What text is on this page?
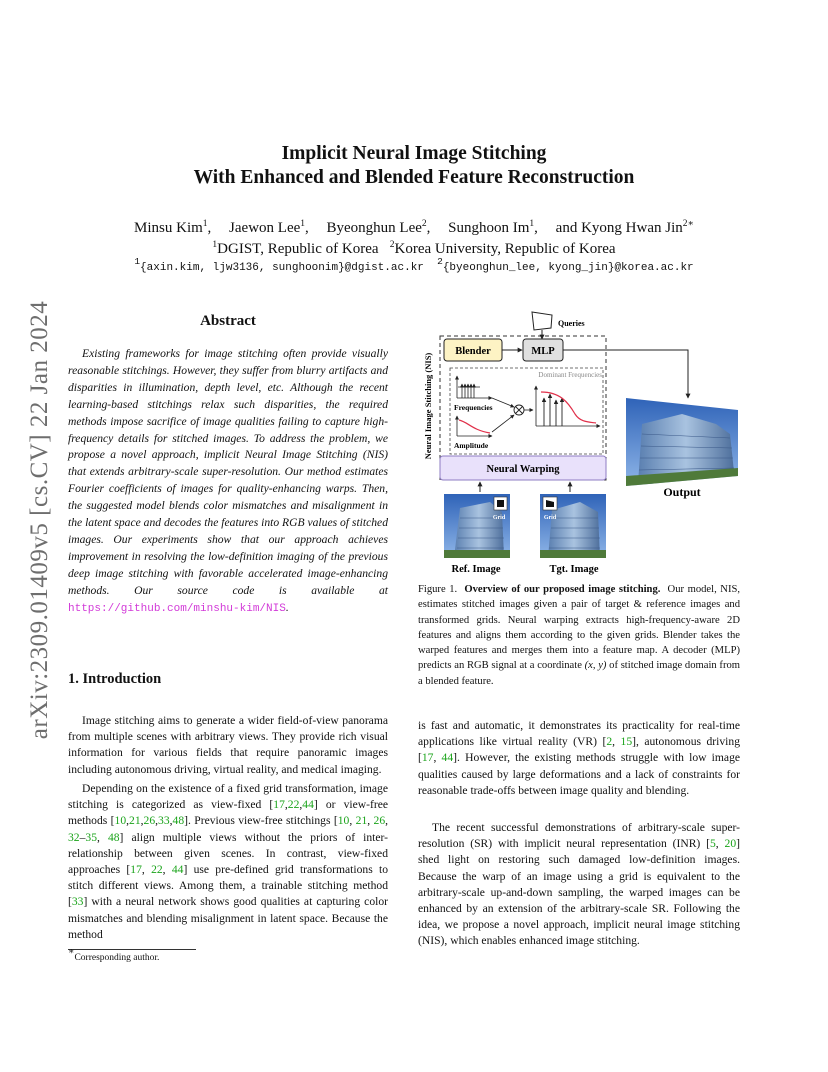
arXiv:2309.01409v5 [cs.CV] 22 Jan 2024
Implicit Neural Image Stitching
With Enhanced and Blended Feature Reconstruction
Minsu Kim$^1$, Jaewon Lee$^1$, Byeonghun Lee$^2$, Sunghoon Im$^1$, and Kyong Hwan Jin$^{2∗}$
$^1$DGIST, Republic of Korea $^2$Korea University, Republic of Korea
$^1${axin.kim, ljw3136, sunghoonim}@dgist.ac.kr  $^2${byeonghun_lee, kyong_jin}@korea.ac.kr
Abstract
Existing frameworks for image stitching often provide visually reasonable stitchings. However, they suffer from blurry artifacts and disparities in illumination, depth level, etc. Although the recent learning-based stitchings relax such disparities, the required methods impose sacrifice of image qualities failing to capture high-frequency details for stitched images. To address the problem, we propose a novel approach, implicit Neural Image Stitching (NIS) that extends arbitrary-scale super-resolution. Our method estimates Fourier coefficients of images for quality-enhancing warps. Then, the suggested model blends color mismatches and misalignment in the latent space and decodes the features into RGB values of stitched images. Our experiments show that our approach achieves improvement in resolving the low-definition imaging of the previous deep image stitching with favorable accelerated image-enhancing methods. Our source code is available at https://github.com/minshu-kim/NIS.
1. Introduction
Image stitching aims to generate a wider field-of-view panorama from multiple scenes with arbitrary views. They provide rich visual information for various fields that require panoramic images including autonomous driving, virtual reality, and medical imaging.
Depending on the existence of a fixed grid transformation, image stitching is categorized as view-fixed [17,22,44] or view-free methods [10,21,26,33,48]. Previous view-free stitchings [10, 21, 26, 32–35, 48] align multiple views without the priors of inter-relationship between given scenes. In contrast, view-fixed approaches [17, 22, 44] use pre-defined grid transformations to stitch different views. Among them, a trainable stitching method [33] with a neural network shows good qualities at capturing color mismatches and blending misalignment in latent space. Because the method
∗Corresponding author.
Neural Image Stitching (NIS)
Queries
Blender	MLP
Dominant Frequencies
Frequencies
Amplitude
Neural Warping
Grid
Ref. Image
Grid
Tgt. Image
Output
Figure 1. Overview of our proposed image stitching. Our model, NIS, estimates stitched images given a pair of target & reference images and transformed grids. Neural warping extracts high-frequency-aware 2D features and aligns them according to the given grids. Blender takes the warped features and merges them into a feature map. A decoder (MLP) predicts an RGB signal at a coordinate (x, y) of stitched image domain from a blended feature.
is fast and automatic, it demonstrates its practicality for real-time applications like virtual reality (VR) [2, 15], autonomous driving [17, 44]. However, the existing methods struggle with low image qualities caused by large deformations and a lack of constraints for reasonable trade-offs between image quality and blending.
The recent successful demonstrations of arbitrary-scale super-resolution (SR) with implicit neural representation (INR) [5, 20] shed light on restoring such damaged low-definition images. Because the warp of an image using a grid is equivalent to the arbitrary-scale up-and-down sampling, the warped images can be enhanced by an extension of the arbitrary-scale SR. Following the idea, we propose a novel approach, implicit neural image stitching (NIS), which enables enhanced image stitching.
